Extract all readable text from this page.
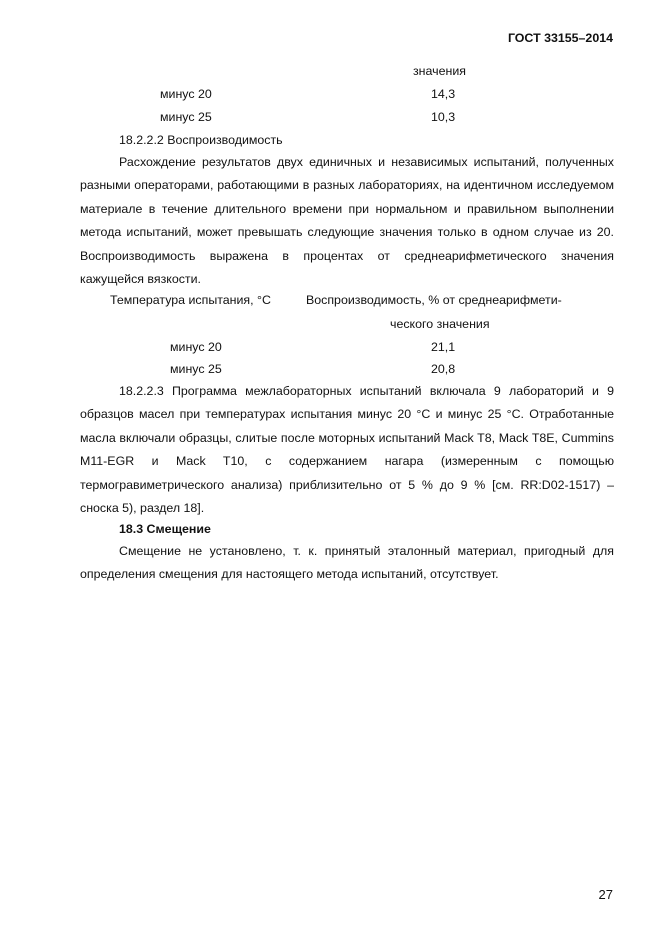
ГОСТ 33155–2014
значения
минус 20	14,3
минус 25	10,3
18.2.2.2 Воспроизводимость
Расхождение результатов двух единичных и независимых испытаний, полученных разными операторами, работающими в разных лабораториях, на идентичном исследуемом материале в течение длительного времени при нормальном и правильном выполнении метода испытаний, может превышать следующие значения только в одном случае из 20. Воспроизводимость выражена в процентах от среднеарифметического значения кажущейся вязкости.
Температура испытания, °С	Воспроизводимость, % от среднеарифмети-
ческого значения
минус 20	21,1
минус 25	20,8
18.2.2.3 Программа межлабораторных испытаний включала 9 лабораторий и 9 образцов масел при температурах испытания минус 20 °С и минус 25 °С. Отработанные масла включали образцы, слитые после моторных испытаний Mack T8, Mack T8E, Cummins M11-EGR и Mack T10, с содержанием нагара (измеренным с помощью термогравиметрического анализа) приблизительно от 5 % до 9 % [см. RR:D02-1517) – сноска 5), раздел 18].
18.3 Смещение
Смещение не установлено, т. к. принятый эталонный материал, пригодный для определения смещения для настоящего метода испытаний, отсутствует.
27
